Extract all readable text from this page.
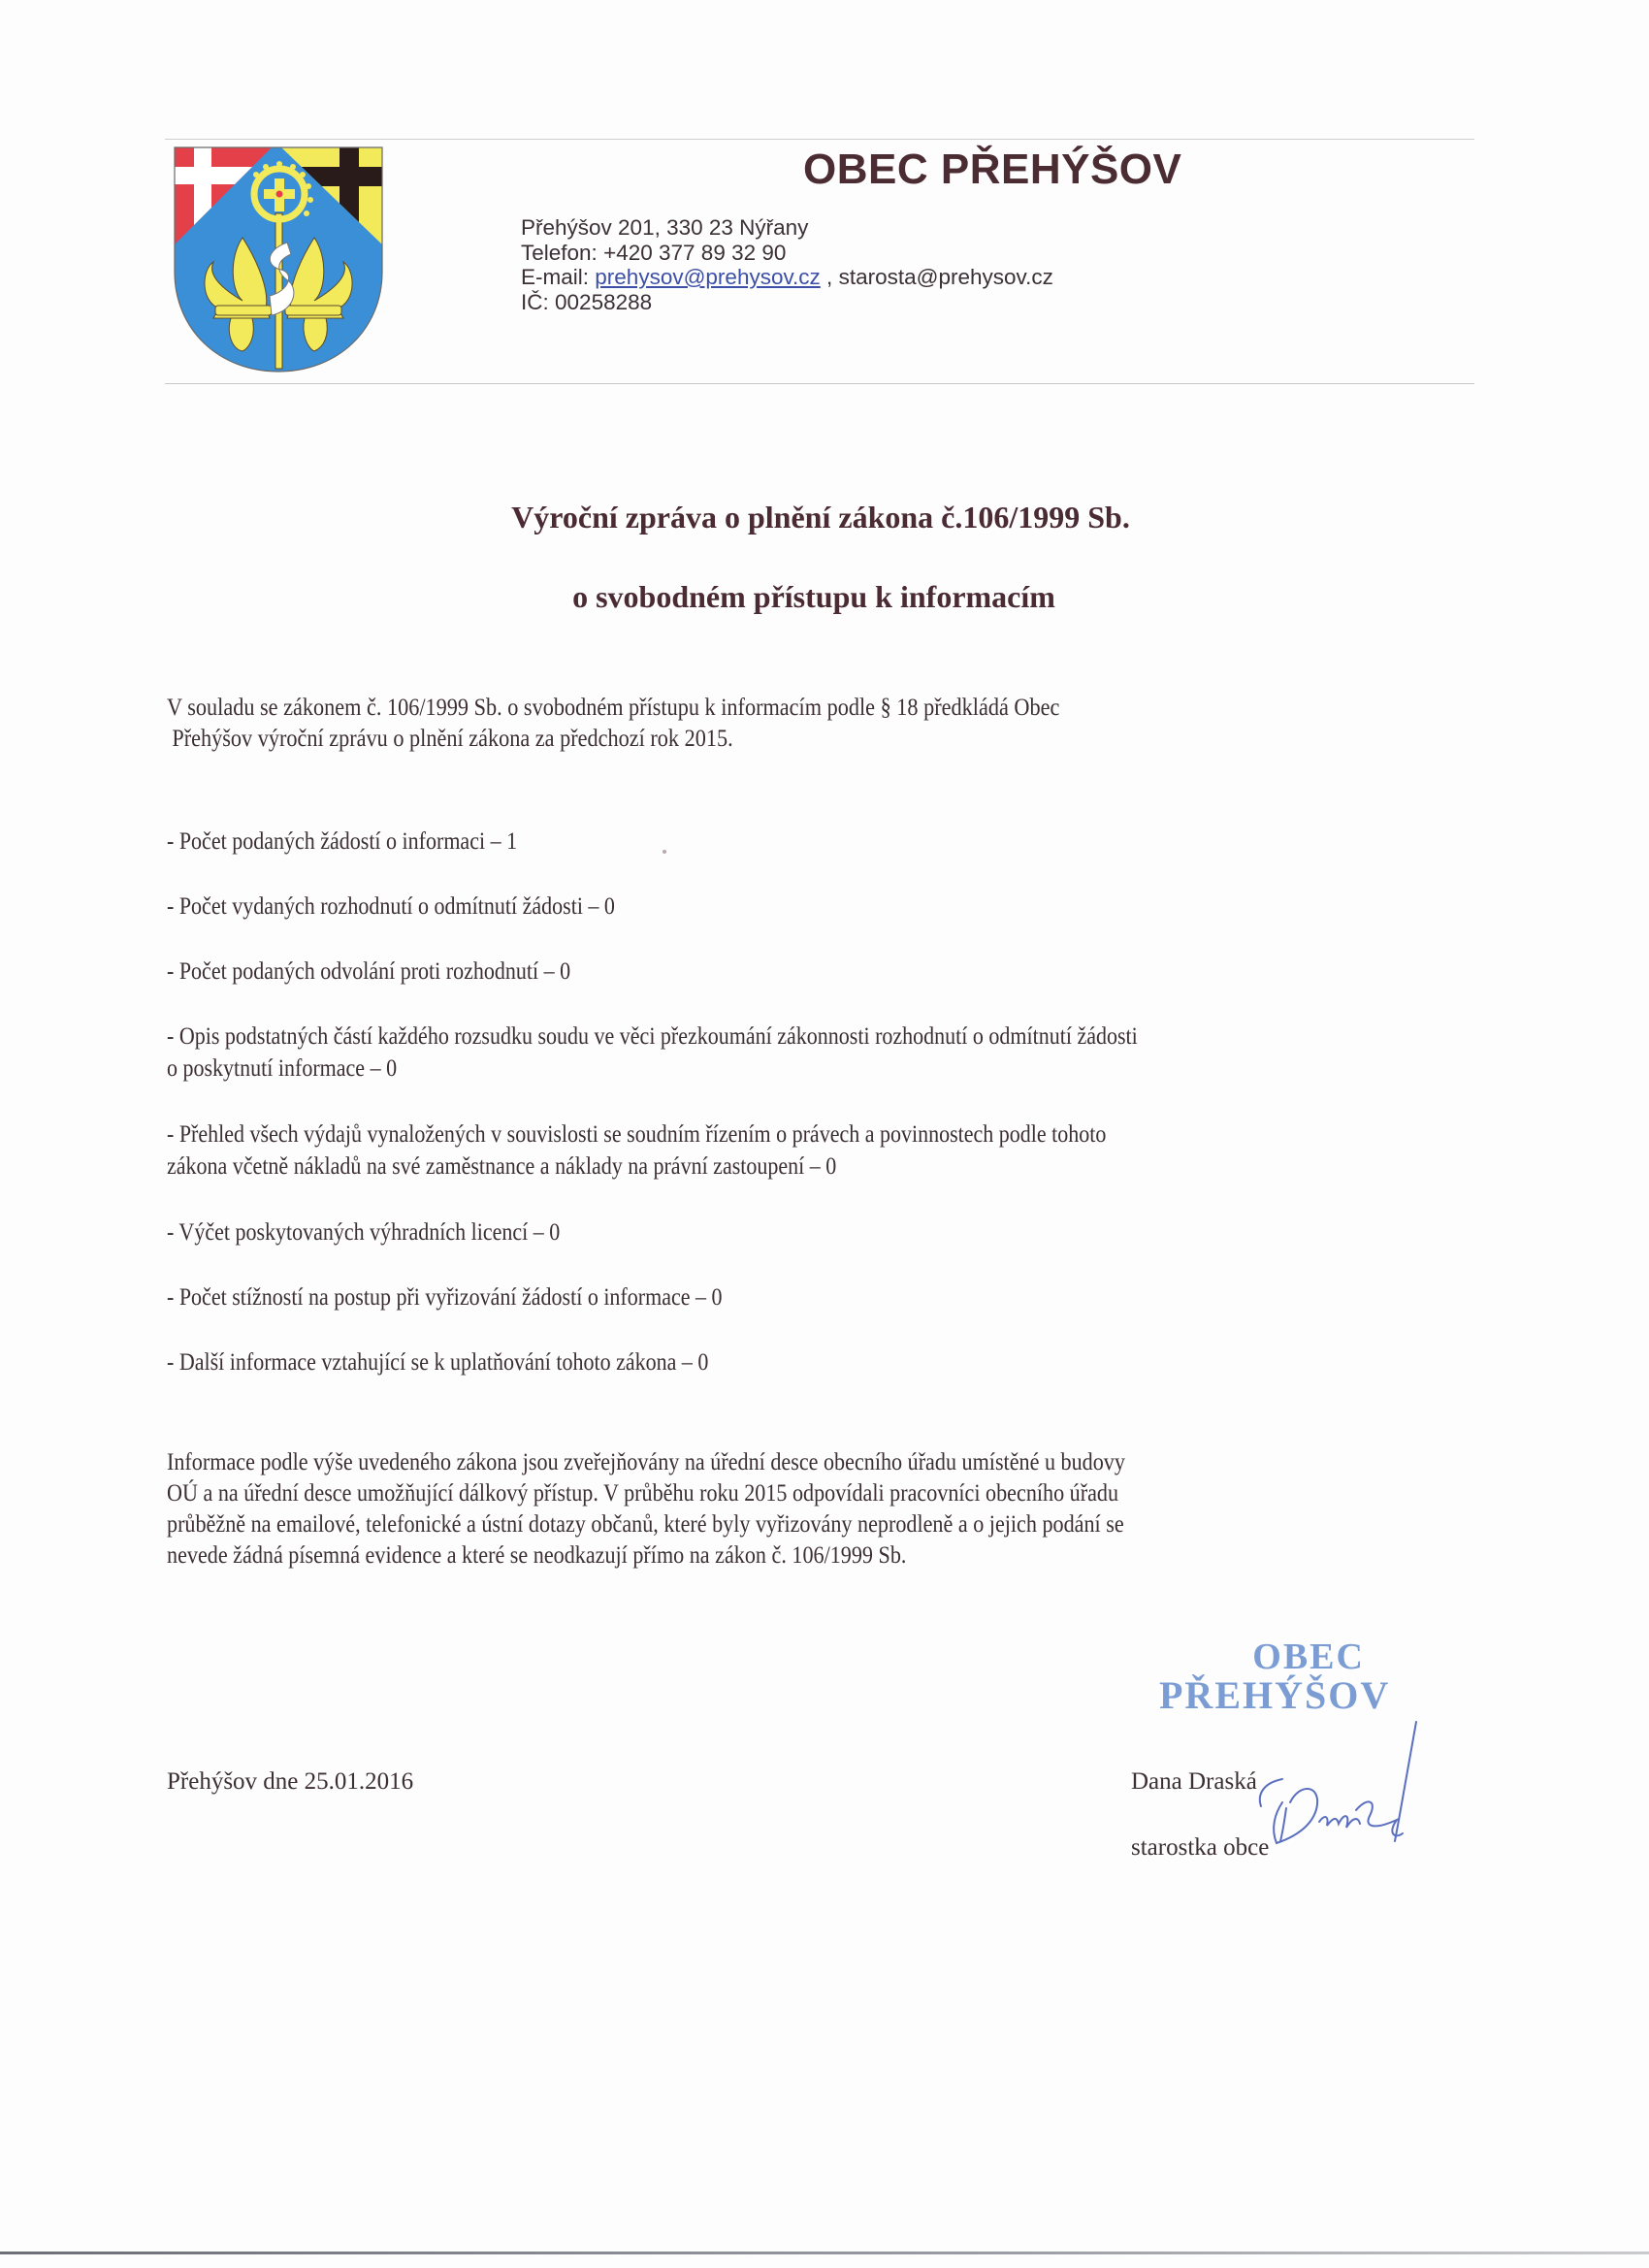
OBEC PŘEHÝŠOV
Přehýšov 201, 330 23 Nýřany
Telefon: +420 377 89 32 90
E-mail: prehysov@prehysov.cz , starosta@prehysov.cz
IČ: 00258288
Výroční zpráva o plnění zákona č.106/1999 Sb.
o svobodném přístupu k informacím
V souladu se zákonem č. 106/1999 Sb. o svobodném přístupu k informacím podle § 18 předkládá Obec
Přehýšov výroční zprávu o plnění zákona za předchozí rok 2015.
- Počet podaných žádostí o informaci – 1
- Počet vydaných rozhodnutí o odmítnutí žádosti – 0
- Počet podaných odvolání proti rozhodnutí – 0
- Opis podstatných částí každého rozsudku soudu ve věci přezkoumání zákonnosti rozhodnutí o odmítnutí žádosti
o poskytnutí informace – 0
- Přehled všech výdajů vynaložených v souvislosti se soudním řízením o právech a povinnostech podle tohoto
zákona včetně nákladů na své zaměstnance a náklady na právní zastoupení – 0
- Výčet poskytovaných výhradních licencí – 0
- Počet stížností na postup při vyřizování žádostí o informace – 0
- Další informace vztahující se k uplatňování tohoto zákona – 0
Informace podle výše uvedeného zákona jsou zveřejňovány na úřední desce obecního úřadu umístěné u budovy
OÚ a na úřední desce umožňující dálkový přístup. V průběhu roku 2015 odpovídali pracovníci obecního úřadu
průběžně na emailové, telefonické a ústní dotazy občanů, které byly vyřizovány neprodleně a o jejich podání se
nevede žádná písemná evidence a které se neodkazují přímo na zákon č. 106/1999 Sb.
Přehýšov dne 25.01.2016
OBEC
PŘEHÝŠOV
Dana Draská
starostka obce
